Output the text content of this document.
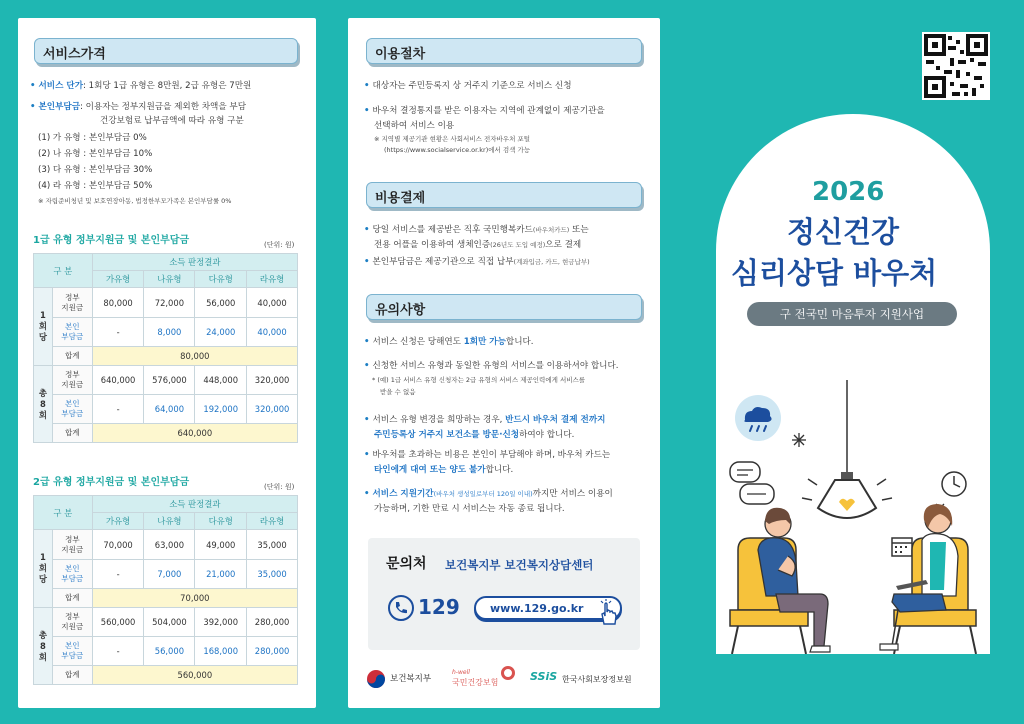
서비스가격
• 서비스 단가: 1회당 1급 유형은 8만원, 2급 유형은 7만원
• 본인부담금: 이용자는 정부지원금을 제외한 차액을 부담
건강보험료 납부금액에 따라 유형 구분
(1) 가 유형 : 본인부담금 0%
(2) 나 유형 : 본인부담금 10%
(3) 다 유형 : 본인부담금 30%
(4) 라 유형 : 본인부담금 50%
※ 자립준비청년 및 보호연장아동, 법정한부모가족은 본인부담률 0%
1급 유형 정부지원금 및 본인부담금	(단위: 원)
구 분		소득 판정결과			
		가유형	나유형	다유형	라유형
1
회
당	정부
지원금	80,000	72,000	56,000	40,000
	본인
부담금	-	8,000	24,000	40,000
	합계	80,000			
총
8
회	정부
지원금	640,000	576,000	448,000	320,000
	본인
부담금	-	64,000	192,000	320,000
	합계	640,000			
2급 유형 정부지원금 및 본인부담금	(단위: 원)
구 분		소득 판정결과			
		가유형	나유형	다유형	라유형
1
회
당	정부
지원금	70,000	63,000	49,000	35,000
	본인
부담금	-	7,000	21,000	35,000
	합계	70,000			
총
8
회	정부
지원금	560,000	504,000	392,000	280,000
	본인
부담금	-	56,000	168,000	280,000
	합계	560,000			
이용절차
• 대상자는 주민등록지 상 거주지 기준으로 서비스 신청
• 바우처 결정통지를 받은 이용자는 지역에 관계없이 제공기관을
선택하여 서비스 이용
※ 지역별 제공기관 현황은 사회서비스 전자바우처 포털
(https://www.socialservice.or.kr)에서 검색 가능
비용결제
• 당일 서비스를 제공받은 직후 국민행복카드(바우처카드) 또는
전용 어플을 이용하여 생체인증(26년도 도입 예정)으로 결제
• 본인부담금은 제공기관으로 직접 납부(계좌입금, 카드, 현금납부)
유의사항
• 서비스 신청은 당해연도 1회만 가능합니다.
• 신청한 서비스 유형과 동일한 유형의 서비스를 이용하셔야 합니다.
* (예) 1급 서비스 유형 신청자는 2급 유형의 서비스 제공인력에게 서비스를
받을 수 없음
• 서비스 유형 변경을 희망하는 경우, 반드시 바우처 결제 전까지
주민등록상 거주지 보건소를 방문·신청하여야 합니다.
• 바우처를 초과하는 비용은 본인이 부담해야 하며, 바우처 카드는
타인에게 대여 또는 양도 불가합니다.
• 서비스 지원기간(바우처 생성일로부터 120일 이내)까지만 서비스 이용이
가능하며, 기한 만료 시 서비스는 자동 종료 됩니다.
문의처 보건복지부 보건복지상담센터
129	www.129.go.kr
보건복지부
h-well
국민건강보험	SSiS 한국사회보장정보원
2026
정신건강
심리상담 바우처
구 전국민 마음투자 지원사업
